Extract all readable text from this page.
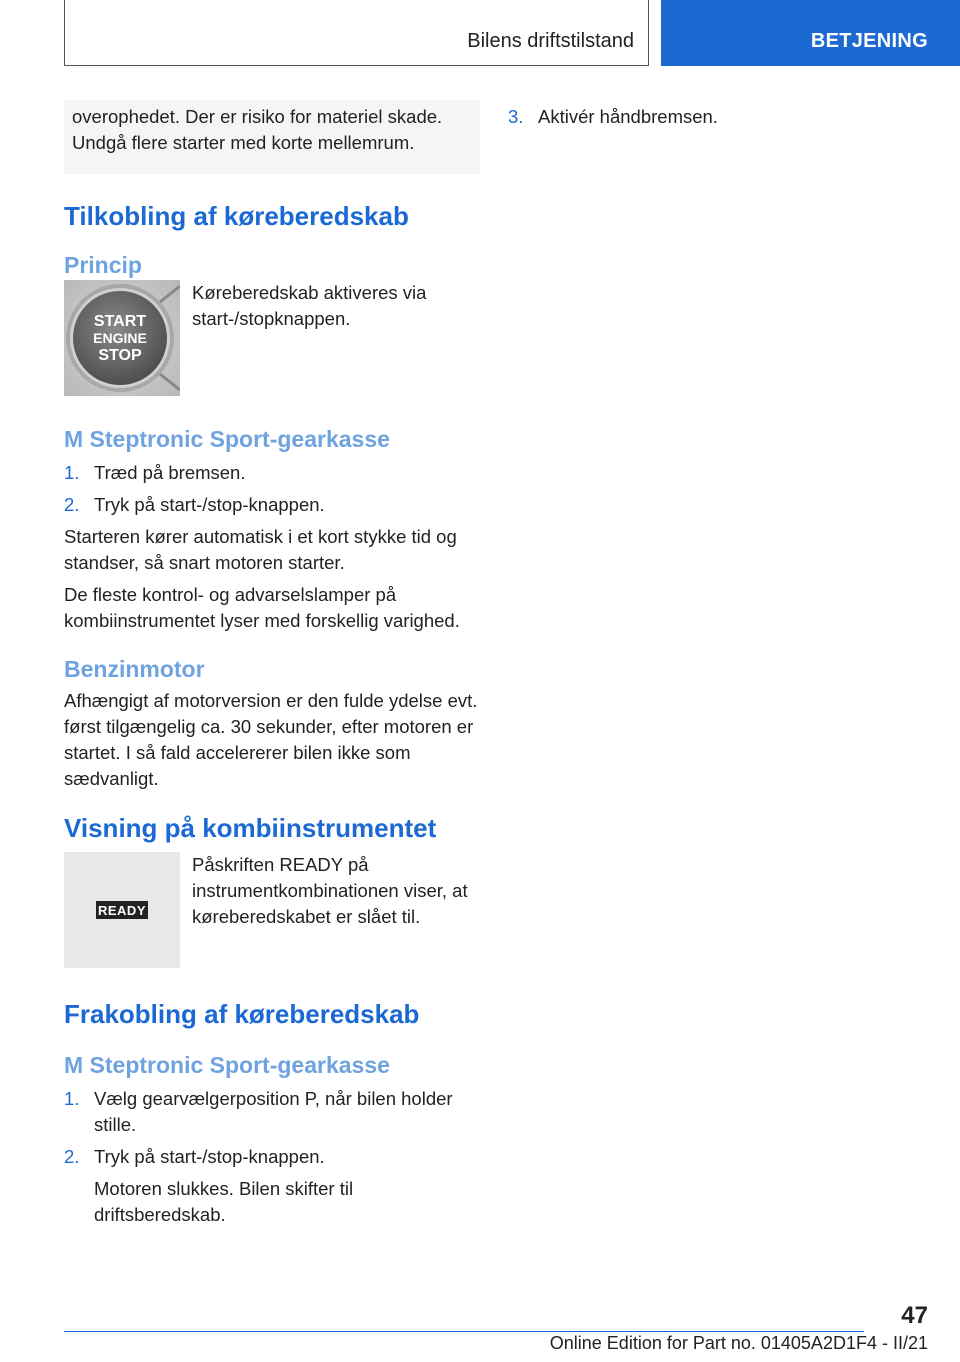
Bilens driftstilstand	BETJENING

overophedet. Der er risiko for materiel skade. Undgå flere starter med korte mellemrum.

Tilkobling af køreberedskab
Princip
START
ENGINE
STOP

Køreberedskab aktiveres via start-/stopknappen.

M Steptronic Sport-gearkasse
1. Træd på bremsen.
2. Tryk på start-/stop-knappen.

Starteren kører automatisk i et kort stykke tid og standser, så snart motoren starter.

De fleste kontrol- og advarselslamper på kombiinstrumentet lyser med forskellig varighed.

Benzinmotor

Afhængigt af motorversion er den fulde ydelse evt. først tilgængelig ca. 30 sekunder, efter motoren er startet. I så fald accelererer bilen ikke som sædvanligt.

Visning på kombiinstrumentet
READY

Påskriften READY på instrumentkombinationen viser, at køreberedskabet er slået til.

Frakobling af køreberedskab
M Steptronic Sport-gearkasse
1. Vælg gearvælgerposition P, når bilen holder stille.
2. Tryk på start-/stop-knappen.
Motoren slukkes. Bilen skifter til driftsberedskab.
3. Aktivér håndbremsen.
47
Online Edition for Part no. 01405A2D1F4 - II/21
